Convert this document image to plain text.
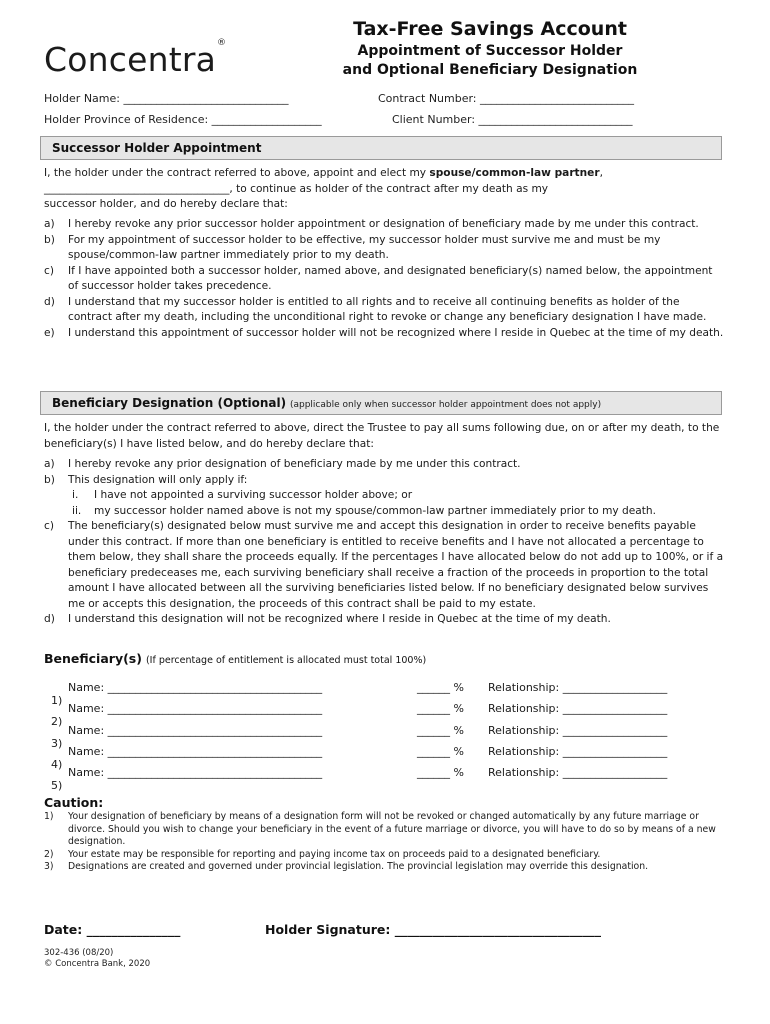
Concentra®
Tax-Free Savings Account
Appointment of Successor Holder
and Optional Beneficiary Designation
Holder Name: ______________________________	Contract Number: ____________________________
Holder Province of Residence: ____________________	Client Number: ____________________________
Successor Holder Appointment
I, the holder under the contract referred to above, appoint and elect my spouse/common-law partner,
___________________________________, to continue as holder of the contract after my death as my
successor holder, and do hereby declare that:
a) I hereby revoke any prior successor holder appointment or designation of beneficiary made by me under this contract.
b) For my appointment of successor holder to be effective, my successor holder must survive me and must be my spouse/common-law partner immediately prior to my death.
c) If I have appointed both a successor holder, named above, and designated beneficiary(s) named below, the appointment of successor holder takes precedence.
d) I understand that my successor holder is entitled to all rights and to receive all continuing benefits as holder of the contract after my death, including the unconditional right to revoke or change any beneficiary designation I have made.
e) I understand this appointment of successor holder will not be recognized where I reside in Quebec at the time of my death.
Beneficiary Designation (Optional) (applicable only when successor holder appointment does not apply)
I, the holder under the contract referred to above, direct the Trustee to pay all sums following due, on or after my death, to the beneficiary(s) I have listed below, and do hereby declare that:
a) I hereby revoke any prior designation of beneficiary made by me under this contract.
b) This designation will only apply if:
i. I have not appointed a surviving successor holder above; or
ii. my successor holder named above is not my spouse/common-law partner immediately prior to my death.
c) The beneficiary(s) designated below must survive me and accept this designation in order to receive benefits payable under this contract. If more than one beneficiary is entitled to receive benefits and I have not allocated a percentage to them below, they shall share the proceeds equally. If the percentages I have allocated below do not add up to 100%, or if a beneficiary predeceases me, each surviving beneficiary shall receive a fraction of the proceeds in proportion to the total amount I have allocated between all the surviving beneficiaries listed below. If no beneficiary designated below survives me or accepts this designation, the proceeds of this contract shall be paid to my estate.
d) I understand this designation will not be recognized where I reside in Quebec at the time of my death.
Beneficiary(s) (If percentage of entitlement is allocated must total 100%)

1)

Name: _______________________________________	______ % Relationship: ___________________

2)

Name: _______________________________________	______ % Relationship: ___________________

3)

Name: _______________________________________	______ % Relationship: ___________________

4)

Name: _______________________________________	______ % Relationship: ___________________

5)

Name: _______________________________________	______ % Relationship: ___________________
Caution:
1) Your designation of beneficiary by means of a designation form will not be revoked or changed automatically by any future marriage or divorce. Should you wish to change your beneficiary in the event of a future marriage or divorce, you will have to do so by means of a new designation.
2) Your estate may be responsible for reporting and paying income tax on proceeds paid to a designated beneficiary.
3) Designations are created and governed under provincial legislation. The provincial legislation may override this designation.
Date: _______________	Holder Signature: _________________________________
302-436 (08/20)
© Concentra Bank, 2020
